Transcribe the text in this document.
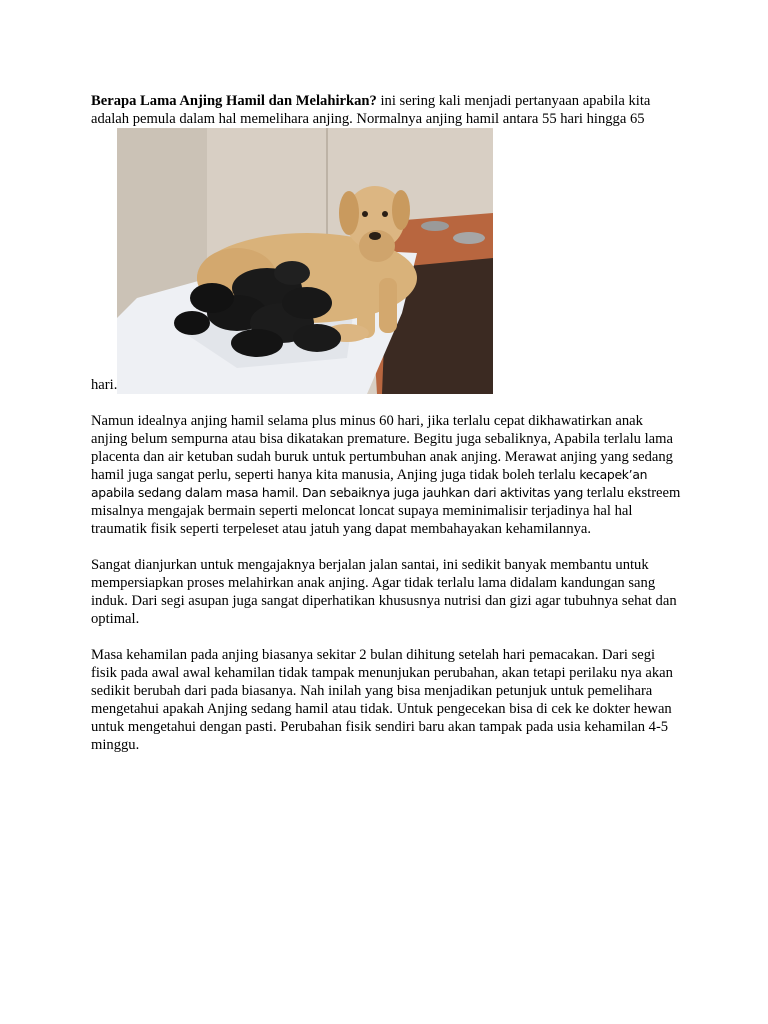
Berapa Lama Anjing Hamil dan Melahirkan? ini sering kali menjadi pertanyaan apabila kita adalah pemula dalam hal memelihara anjing. Normalnya anjing hamil antara 55 hari hingga 65

hari.

Namun idealnya anjing hamil selama plus minus 60 hari, jika terlalu cepat dikhawatirkan anak anjing belum sempurna atau bisa dikatakan premature. Begitu juga sebaliknya, Apabila terlalu lama placenta dan air ketuban sudah buruk untuk pertumbuhan anak anjing. Merawat anjing yang sedang hamil juga sangat perlu, seperti hanya kita manusia, Anjing juga tidak boleh terlalu kecapek’an apabila sedang dalam masa hamil. Dan sebaiknya juga jauhkan dari aktivitas yang terlalu ekstreem misalnya mengajak bermain seperti meloncat loncat supaya meminimalisir terjadinya hal hal traumatik fisik seperti terpeleset atau jatuh yang dapat membahayakan kehamilannya.

Sangat dianjurkan untuk mengajaknya berjalan jalan santai, ini sedikit banyak membantu untuk mempersiapkan proses melahirkan anak anjing. Agar tidak terlalu lama didalam kandungan sang induk. Dari segi asupan juga sangat diperhatikan khususnya nutrisi dan gizi agar tubuhnya sehat dan optimal.

Masa kehamilan pada anjing biasanya sekitar 2 bulan dihitung setelah hari pemacakan. Dari segi fisik pada awal awal kehamilan tidak tampak menunjukan perubahan, akan tetapi perilaku nya akan sedikit berubah dari pada biasanya. Nah inilah yang bisa menjadikan petunjuk untuk pemelihara mengetahui apakah Anjing sedang hamil atau tidak. Untuk pengecekan bisa di cek ke dokter hewan untuk mengetahui dengan pasti. Perubahan fisik sendiri baru akan tampak pada usia kehamilan 4-5 minggu.
